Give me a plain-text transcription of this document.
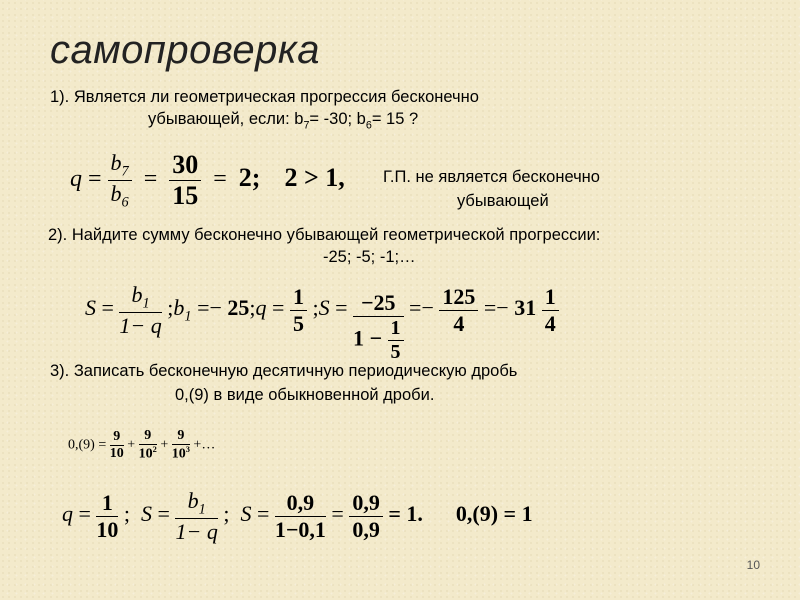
самопроверка
1). Является ли геометрическая прогрессия бесконечно
убывающей, если: $b_7= -30$; $b_6= 15$ ?
$q = \frac{b_7}{b_6} = \frac{30}{15} = 2$; 2 > 1, Г.П. не является бесконечно
убывающей
2). Найдите сумму бесконечно убывающей геометрической прогрессии:
-25; -5; -1;…
$S = \frac{b_1}{1- q}$ $;b_1$ =− 25;q = $\frac{1}{5}$ ;S = $\frac{-25}{1 - \frac{1}{5}} =- \frac{125}{4} =- 31 \frac{1}{4}$
3). Записать бесконечную десятичную периодическую дробь
0,(9) в виде обыкновенной дроби.
$0,(9) = \frac{9}{10} + \frac{9}{10^2} + \frac{9}{10^3}$ +…
$q = \frac{1}{10}$ ;  $S = \frac{b_1}{1- q}$ ;  $S = \frac{0,9}{1-0,1} = \frac{0,9}{0,9} = 1$. 0,(9) = 1
10
